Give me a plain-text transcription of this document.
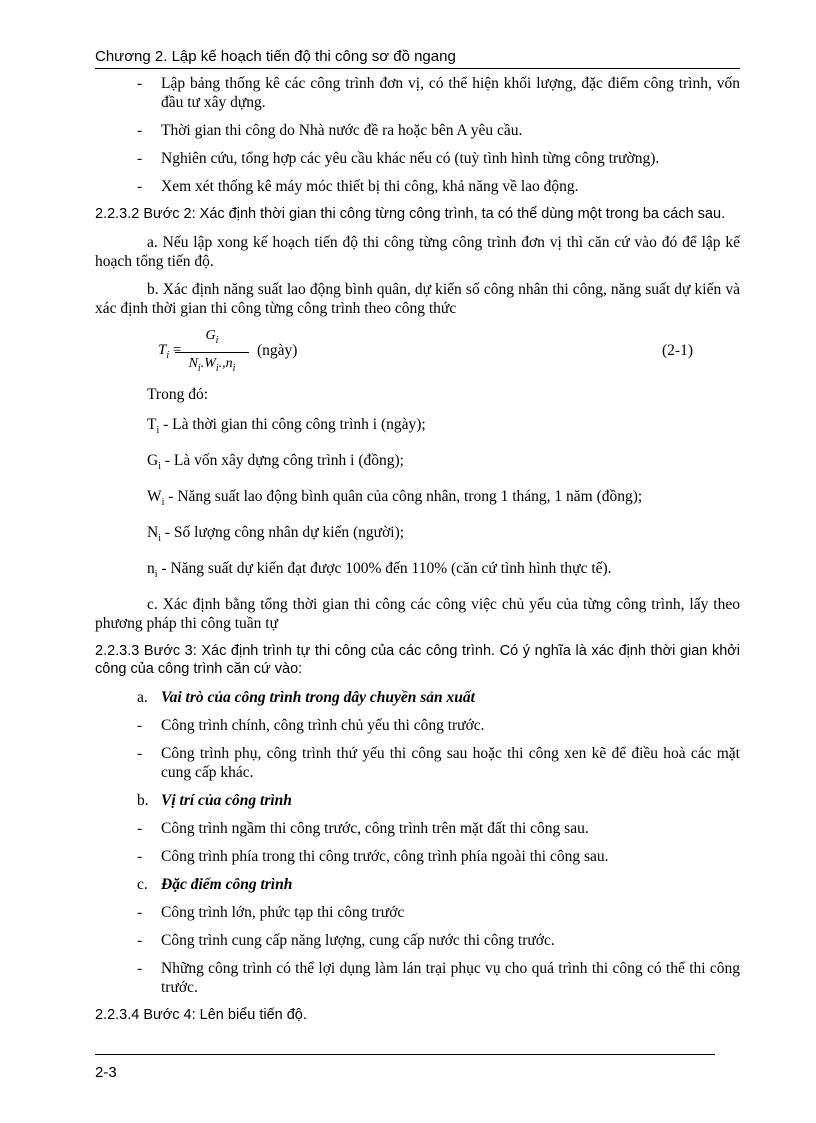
Chương 2. Lập kế hoạch tiến độ thi công sơ đồ ngang
-	Lập bảng thống kê các công trình đơn vị, có thể hiện khối lượng, đặc điểm công trình, vốn đầu tư xây dựng.
-	Thời gian thi công do Nhà nước đề ra hoặc bên A yêu cầu.
-	Nghiên cứu, tổng hợp các yêu cầu khác nếu có (tuỳ tình hình từng công trường).
-	Xem xét thống kê máy móc thiết bị thi công, khả năng về lao động.
2.2.3.2 Bước 2: Xác định thời gian thi công từng công trình, ta có thể dùng một trong ba cách sau.
a. Nếu lập xong kế hoạch tiến độ thi công từng công trình đơn vị thì căn cứ vào đó để lập kế hoạch tổng tiến độ.
b. Xác định năng suất lao động bình quân, dự kiến số công nhân thi công, năng suất dự kiến và xác định thời gian thi công từng công trình theo công thức
$T_i$ =
$G_i$
$N_i.W_i.,n_i$
(ngày)	(2-1)
Trong đó:
$T_i$ - Là thời gian thi công công trình i (ngày);
$G_i$ - Là vốn xây dựng công trình i (đồng);
$W_i$ - Năng suất lao động bình quân của công nhân, trong 1 tháng, 1 năm (đồng);
$N_i$ - Số lượng công nhân dự kiến (người);
$n_i$ - Năng suất dự kiến đạt được 100% đến 110% (căn cứ tình hình thực tế).
c. Xác định bằng tổng thời gian thi công các công việc chủ yếu của từng công trình, lấy theo phương pháp thi công tuần tự
2.2.3.3 Bước 3: Xác định trình tự thi công của các công trình. Có ý nghĩa là xác định thời gian khởi công của công trình căn cứ vào:
a. Vai trò của công trình trong dây chuyền sản xuất
-	Công trình chính, công trình chủ yếu thi công trước.
-	Công trình phụ, công trình thứ yếu thi công sau hoặc thi công xen kẽ để điều hoà các mặt cung cấp khác.
b. Vị trí của công trình
-	Công trình ngầm thi công trước, công trình trên mặt đất thi công sau.
-	Công trình phía trong thi công trước, công trình phía ngoài thi công sau.
c. Đặc điểm công trình
-	Công trình lớn, phức tạp thi công trước
-	Công trình cung cấp năng lượng, cung cấp nước thi công trước.
-	Những công trình có thể lợi dụng làm lán trại phục vụ cho quá trình thi công có thể thi công trước.
2.2.3.4 Bước 4: Lên biểu tiến độ.
2-3
